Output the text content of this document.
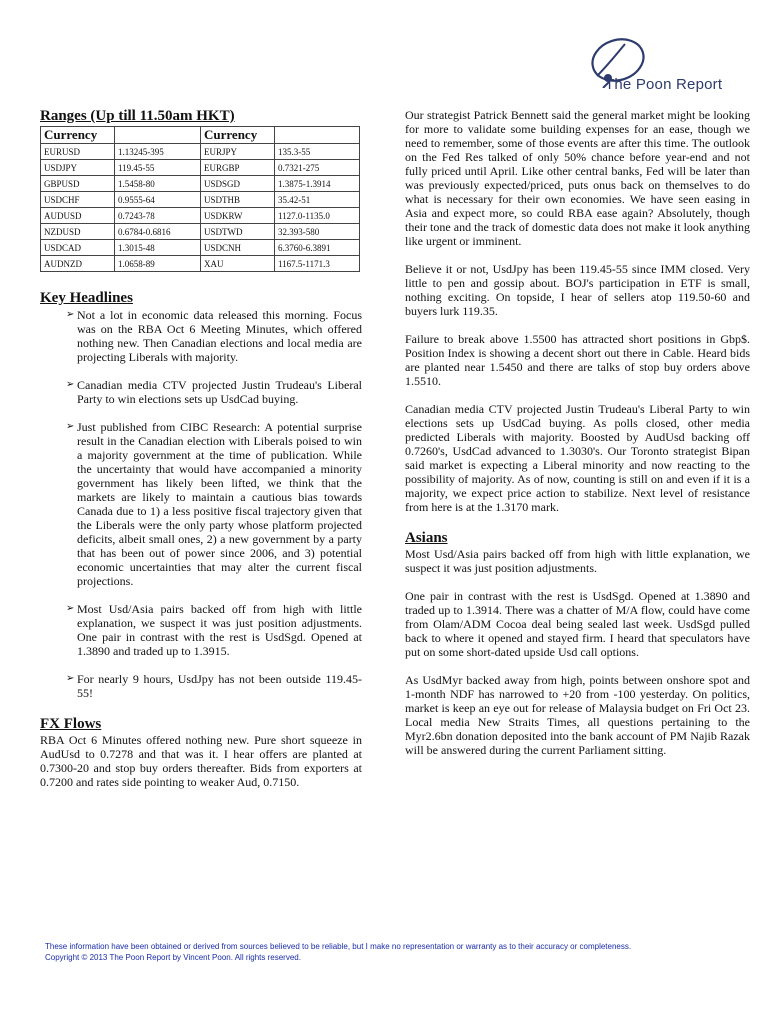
The Poon Report
Ranges (Up till 11.50am HKT)
Currency		Currency	
EURUSD	1.13245-395	EURJPY	135.3-55
USDJPY	119.45-55	EURGBP	0.7321-275
GBPUSD	1.5458-80	USDSGD	1.3875-1.3914
USDCHF	0.9555-64	USDTHB	35.42-51
AUDUSD	0.7243-78	USDKRW	1127.0-1135.0
NZDUSD	0.6784-0.6816	USDTWD	32.393-580
USDCAD	1.3015-48	USDCNH	6.3760-6.3891
AUDNZD	1.0658-89	XAU	1167.5-1171.3
Key Headlines
➢ Not a lot in economic data released this morning. Focus was on the RBA Oct 6 Meeting Minutes, which offered nothing new. Then Canadian elections and local media are projecting Liberals with majority.
➢ Canadian media CTV projected Justin Trudeau's Liberal Party to win elections sets up UsdCad buying.
➢ Just published from CIBC Research: A potential surprise result in the Canadian election with Liberals poised to win a majority government at the time of publication. While the uncertainty that would have accompanied a minority government has likely been lifted, we think that the markets are likely to maintain a cautious bias towards Canada due to 1) a less positive fiscal trajectory given that the Liberals were the only party whose platform projected deficits, albeit small ones, 2) a new government by a party that has been out of power since 2006, and 3) potential economic uncertainties that may alter the current fiscal projections.
➢ Most Usd/Asia pairs backed off from high with little explanation, we suspect it was just position adjustments. One pair in contrast with the rest is UsdSgd. Opened at 1.3890 and traded up to 1.3915.
➢ For nearly 9 hours, UsdJpy has not been outside 119.45-55!
FX Flows
RBA Oct 6 Minutes offered nothing new. Pure short squeeze in AudUsd to 0.7278 and that was it. I hear offers are planted at 0.7300-20 and stop buy orders thereafter. Bids from exporters at 0.7200 and rates side pointing to weaker Aud, 0.7150.
Our strategist Patrick Bennett said the general market might be looking for more to validate some building expenses for an ease, though we need to remember, some of those events are after this time. The outlook on the Fed Res talked of only 50% chance before year-end and not fully priced until April. Like other central banks, Fed will be later than was previously expected/priced, puts onus back on themselves to do what is necessary for their own economies. We have seen easing in Asia and expect more, so could RBA ease again? Absolutely, though their tone and the track of domestic data does not make it look anything like urgent or imminent.
Believe it or not, UsdJpy has been 119.45-55 since IMM closed. Very little to pen and gossip about. BOJ's participation in ETF is small, nothing exciting. On topside, I hear of sellers atop 119.50-60 and buyers lurk 119.35.
Failure to break above 1.5500 has attracted short positions in Gbp$. Position Index is showing a decent short out there in Cable. Heard bids are planted near 1.5450 and there are talks of stop buy orders above 1.5510.
Canadian media CTV projected Justin Trudeau's Liberal Party to win elections sets up UsdCad buying. As polls closed, other media predicted Liberals with majority. Boosted by AudUsd backing off 0.7260's, UsdCad advanced to 1.3030's. Our Toronto strategist Bipan said market is expecting a Liberal minority and now reacting to the possibility of majority. As of now, counting is still on and even if it is a majority, we expect price action to stabilize. Next level of resistance from here is at the 1.3170 mark.
Asians
Most Usd/Asia pairs backed off from high with little explanation, we suspect it was just position adjustments.
One pair in contrast with the rest is UsdSgd. Opened at 1.3890 and traded up to 1.3914. There was a chatter of M/A flow, could have come from Olam/ADM Cocoa deal being sealed last week. UsdSgd pulled back to where it opened and stayed firm. I heard that speculators have put on some short-dated upside Usd call options.
As UsdMyr backed away from high, points between onshore spot and 1-month NDF has narrowed to +20 from -100 yesterday. On politics, market is keep an eye out for release of Malaysia budget on Fri Oct 23. Local media New Straits Times, all questions pertaining to the Myr2.6bn donation deposited into the bank account of PM Najib Razak will be answered during the current Parliament sitting.
These information have been obtained or derived from sources believed to be reliable, but I make no representation or warranty as to their accuracy or completeness.
Copyright © 2013 The Poon Report by Vincent Poon. All rights reserved.
